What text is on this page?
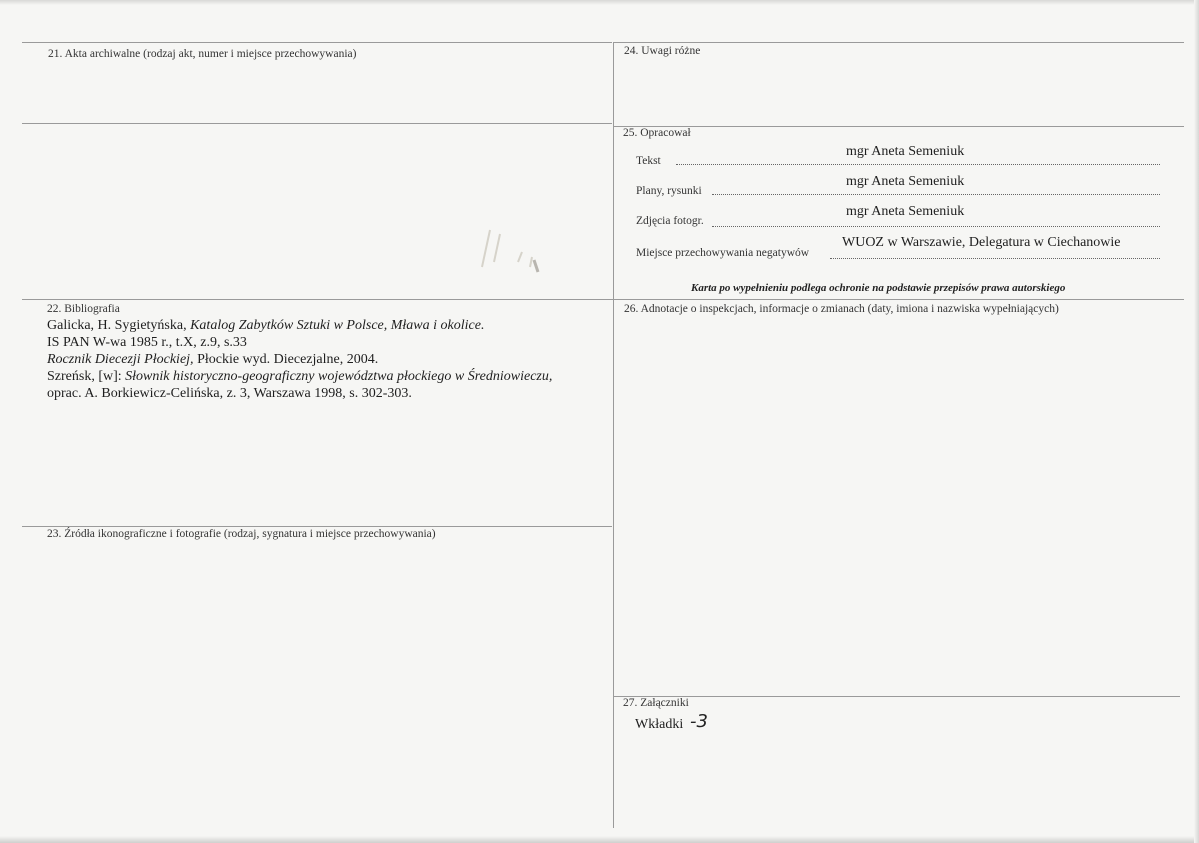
21. Akta archiwalne (rodzaj akt, numer i miejsce przechowywania)	24. Uwagi różne
25. Opracował
Tekst
mgr Aneta Semeniuk
Plany, rysunki
mgr Aneta Semeniuk
Zdjęcia fotogr.
mgr Aneta Semeniuk
Miejsce przechowywania negatywów
WUOZ w Warszawie, Delegatura w Ciechanowie
Karta po wypełnieniu podlega ochronie na podstawie przepisów prawa autorskiego
22. Bibliografia
Galicka, H. Sygietyńska, Katalog Zabytków Sztuki w Polsce, Mława i okolice.
IS PAN W-wa 1985 r., t.X, z.9, s.33
Rocznik Diecezji Płockiej, Płockie wyd. Diecezjalne, 2004.
Szreńsk, [w]: Słownik historyczno-geograficzny województwa płockiego w Średniowieczu,
oprac. A. Borkiewicz-Celińska, z. 3, Warszawa 1998, s. 302-303.
26. Adnotacje o inspekcjach, informacje o zmianach (daty, imiona i nazwiska wypełniających)
23. Źródła ikonograficzne i fotografie (rodzaj, sygnatura i miejsce przechowywania)
27. Załączniki
Wkładki -3
